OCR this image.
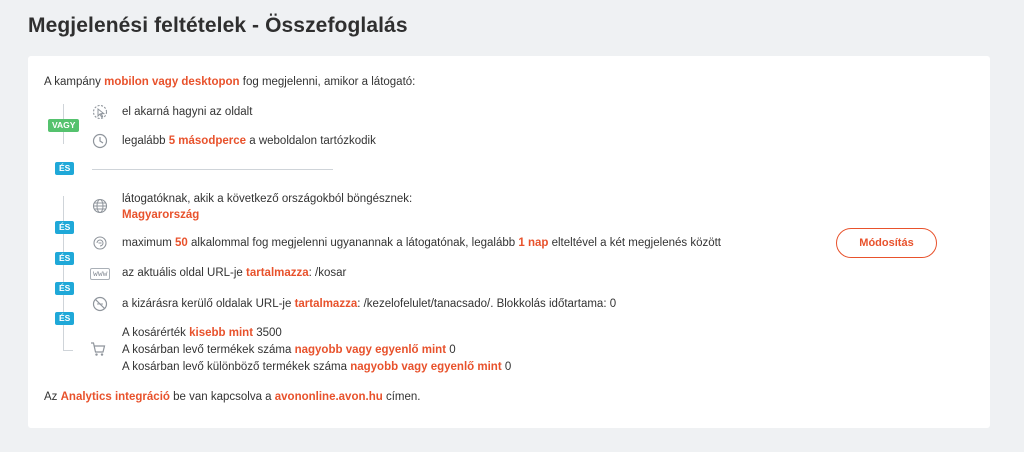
Megjelenési feltételek - Összefoglalás
A kampány mobilon vagy desktopon fog megjelenni, amikor a látogató:
VAGY
el akarná hagyni az oldalt
legalább 5 másodperce a weboldalon tartózkodik
ÉS
ÉS
ÉS
ÉS
ÉS
látogatóknak, akik a következő országokból böngésznek:
Magyarország
maximum 50 alkalommal fog megjelenni ugyanannak a látogatónak, legalább 1 nap elteltével a két megjelenés között
www az aktuális oldal URL-je tartalmazza: /kosar
a kizárásra kerülő oldalak URL-je tartalmazza: /kezelofelulet/tanacsado/. Blokkolás időtartama: 0
A kosárérték kisebb mint 3500
A kosárban levő termékek száma nagyobb vagy egyenlő mint 0
A kosárban levő különböző termékek száma nagyobb vagy egyenlő mint 0
Az Analytics integráció be van kapcsolva a avononline.avon.hu címen.
Módosítás
